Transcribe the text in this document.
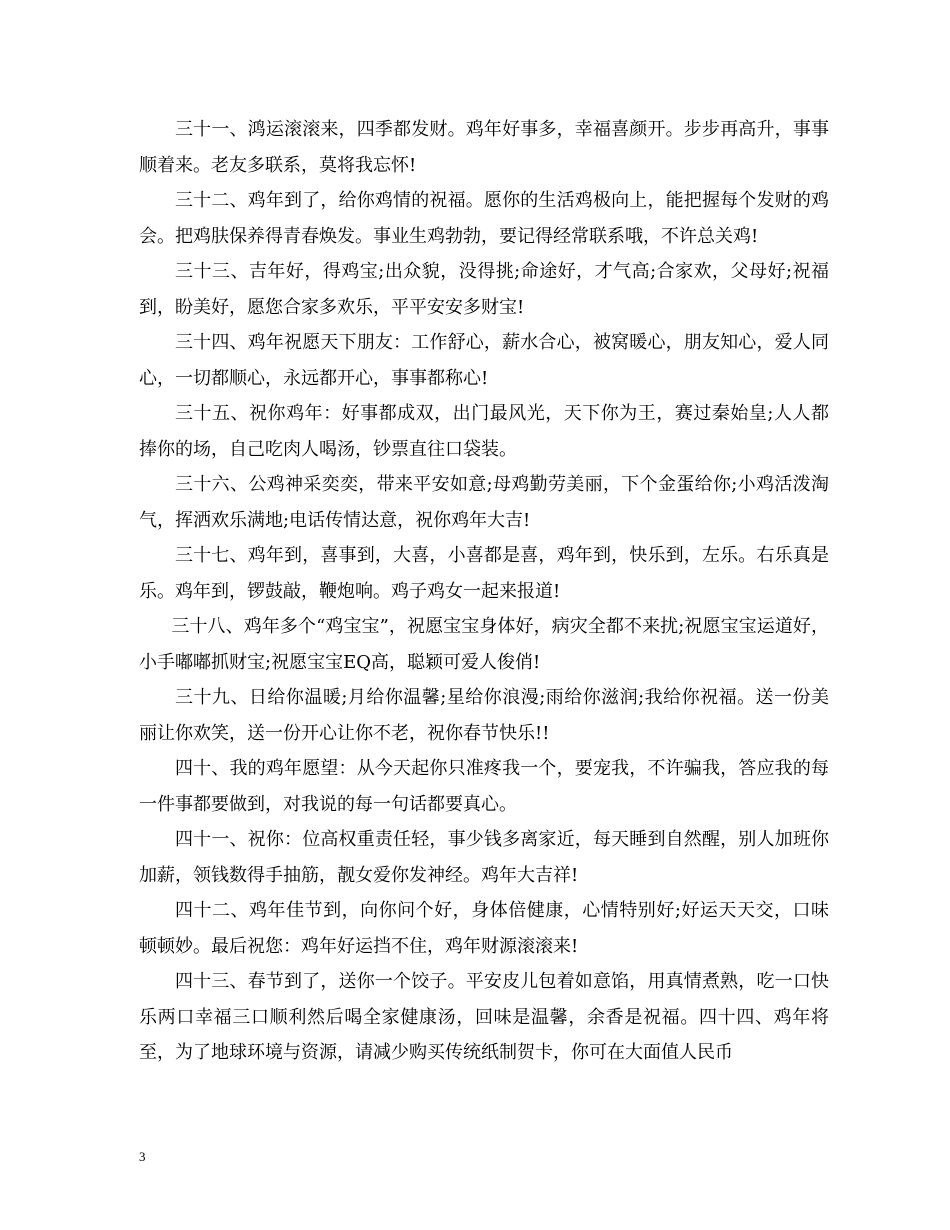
三十一、鸿运滚滚来，四季都发财。鸡年好事多，幸福喜颜开。步步再高升，事事顺着来。老友多联系，莫将我忘怀!

三十二、鸡年到了，给你鸡情的祝福。愿你的生活鸡极向上，能把握每个发财的鸡会。把鸡肤保养得青春焕发。事业生鸡勃勃，要记得经常联系哦，不许总关鸡!

三十三、吉年好，得鸡宝;出众貌，没得挑;命途好，才气高;合家欢，父母好;祝福到，盼美好，愿您合家多欢乐，平平安安多财宝!

三十四、鸡年祝愿天下朋友：工作舒心，薪水合心，被窝暖心，朋友知心，爱人同心，一切都顺心，永远都开心，事事都称心!

三十五、祝你鸡年：好事都成双，出门最风光，天下你为王，赛过秦始皇;人人都捧你的场，自己吃肉人喝汤，钞票直往口袋装。

三十六、公鸡神采奕奕，带来平安如意;母鸡勤劳美丽，下个金蛋给你;小鸡活泼淘气，挥洒欢乐满地;电话传情达意，祝你鸡年大吉!

三十七、鸡年到，喜事到，大喜，小喜都是喜，鸡年到，快乐到，左乐。右乐真是乐。鸡年到，锣鼓敲，鞭炮响。鸡子鸡女一起来报道!

三十八、鸡年多个“鸡宝宝”，祝愿宝宝身体好，病灾全都不来扰;祝愿宝宝运道好，小手嘟嘟抓财宝;祝愿宝宝EQ高，聪颖可爱人俊俏!

三十九、日给你温暖;月给你温馨;星给你浪漫;雨给你滋润;我给你祝福。送一份美丽让你欢笑，送一份开心让你不老，祝你春节快乐!!

四十、我的鸡年愿望：从今天起你只准疼我一个，要宠我，不许骗我，答应我的每一件事都要做到，对我说的每一句话都要真心。

四十一、祝你：位高权重责任轻，事少钱多离家近，每天睡到自然醒，别人加班你加薪，领钱数得手抽筋，靓女爱你发神经。鸡年大吉祥!

四十二、鸡年佳节到，向你问个好，身体倍健康，心情特别好;好运天天交，口味顿顿妙。最后祝您：鸡年好运挡不住，鸡年财源滚滚来!

四十三、春节到了，送你一个饺子。平安皮儿包着如意馅，用真情煮熟，吃一口快乐两口幸福三口顺利然后喝全家健康汤，回味是温馨，余香是祝福。四十四、鸡年将至，为了地球环境与资源，请减少购买传统纸制贺卡，你可在大面值人民币

3
